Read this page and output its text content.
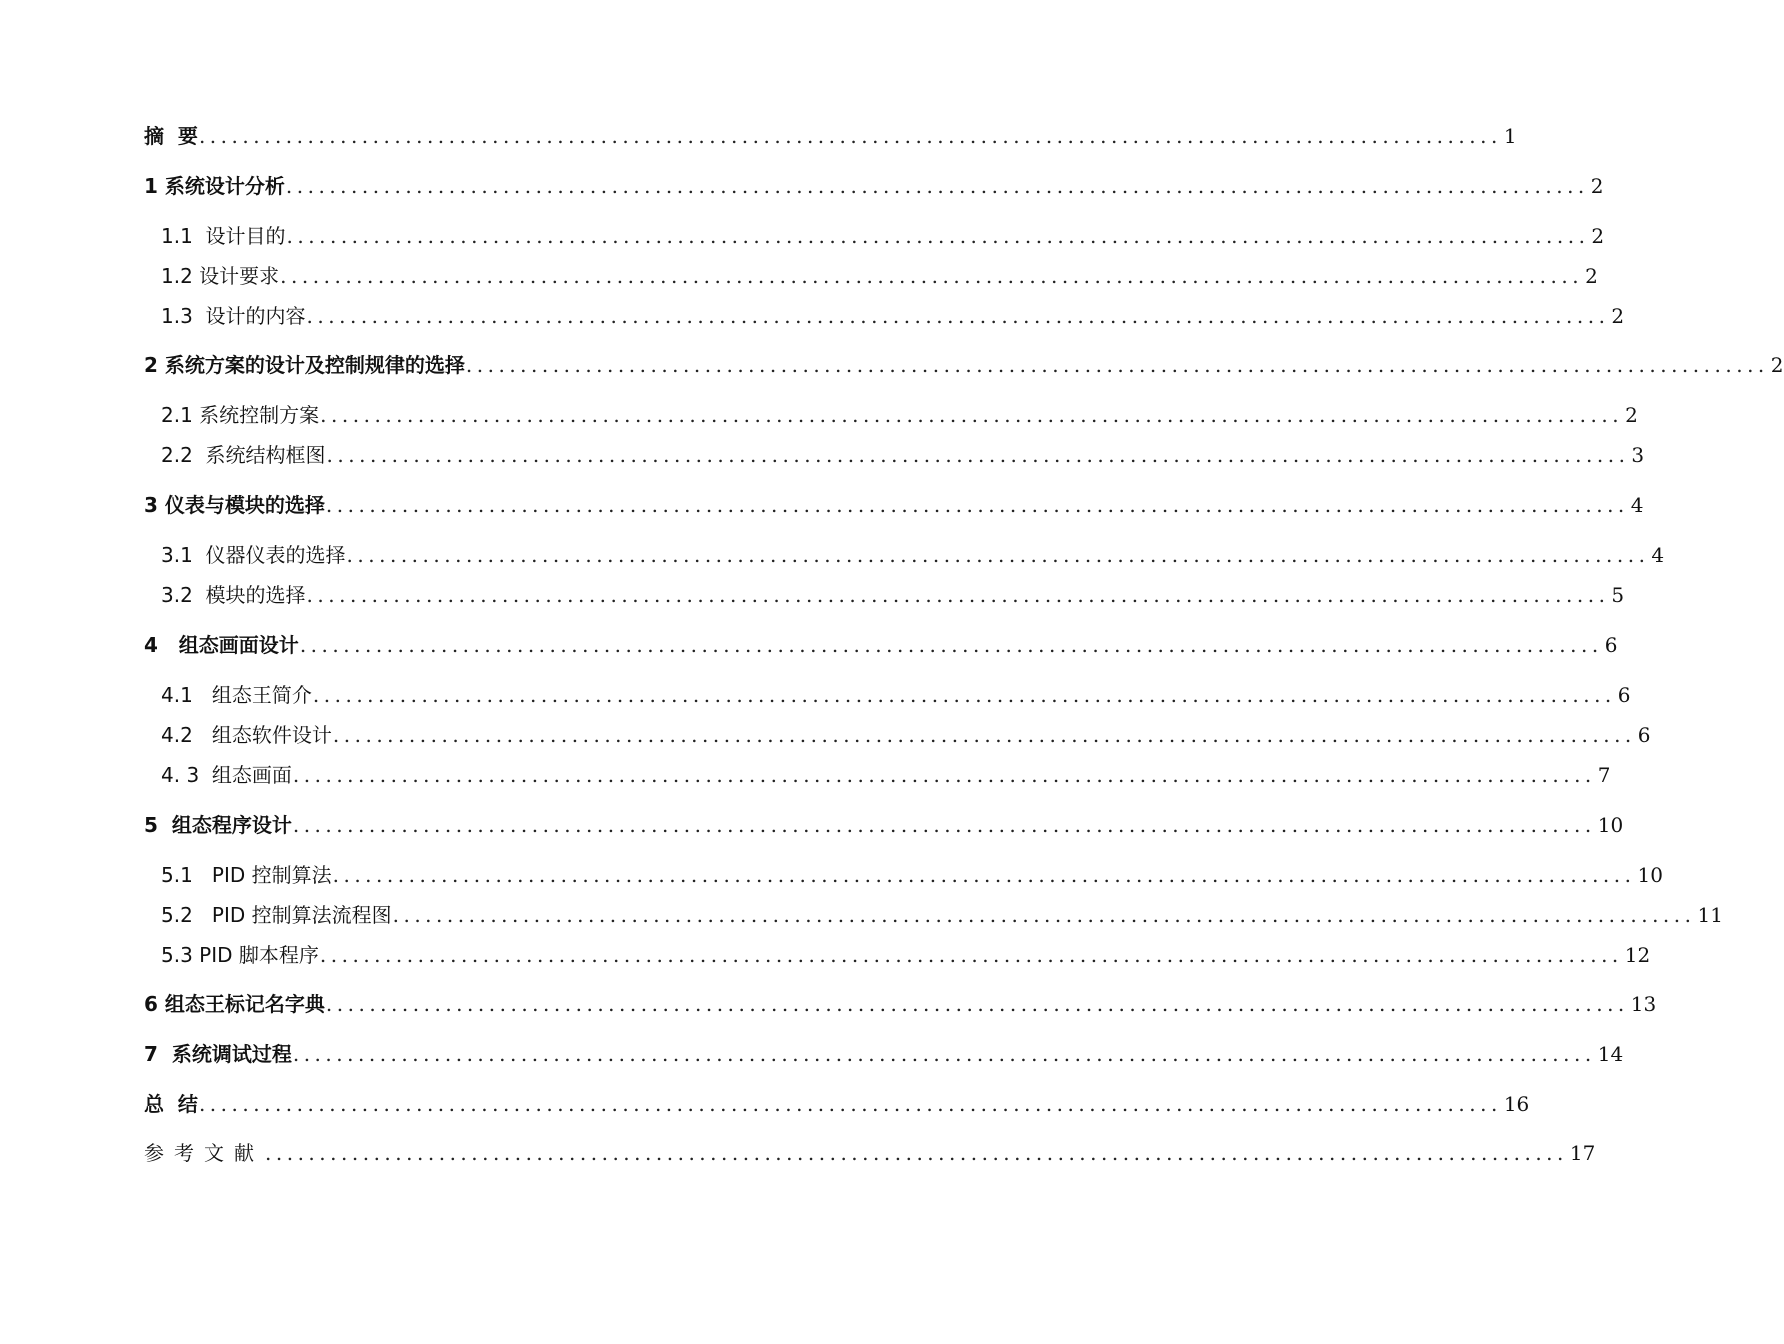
摘  要 ........................................................................................................................ 1
1 系统设计分析 ........................................................................................................................ 2
1.1  设计目的 ........................................................................................................................ 2
1.2 设计要求 ........................................................................................................................ 2
1.3  设计的内容 ........................................................................................................................ 2
2 系统方案的设计及控制规律的选择 ........................................................................................................................ 2
2.1 系统控制方案 ........................................................................................................................ 2
2.2  系统结构框图 ........................................................................................................................ 3
3 仪表与模块的选择 ........................................................................................................................ 4
3.1  仪器仪表的选择 ........................................................................................................................ 4
3.2  模块的选择 ........................................................................................................................ 5
4   组态画面设计 ........................................................................................................................ 6
4.1   组态王简介 ........................................................................................................................ 6
4.2   组态软件设计 ........................................................................................................................ 6
4. 3  组态画面 ........................................................................................................................ 7
5  组态程序设计 ........................................................................................................................ 10
5.1   PID 控制算法 ........................................................................................................................ 10
5.2   PID 控制算法流程图 ........................................................................................................................ 11
5.3 PID 脚本程序 ........................................................................................................................ 12
6 组态王标记名字典 ........................................................................................................................ 13
7  系统调试过程 ........................................................................................................................ 14
总  结 ........................................................................................................................ 16
参考文献 ........................................................................................................................ 17
